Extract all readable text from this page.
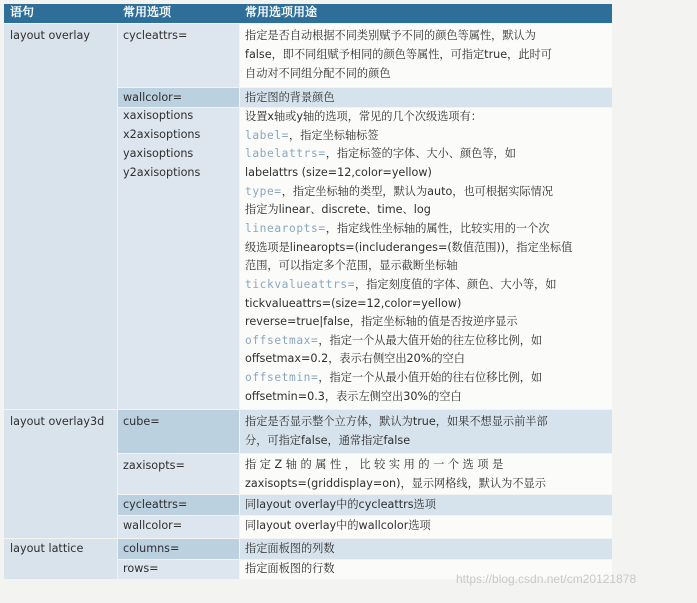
语句	常用选项	常用选项用途
layout overlay
layout overlay3d
layout lattice
cycleattrs=
wallcolor=
xaxisoptions
x2axisoptions
yaxisoptions
y2axisoptions
cube=
zaxisopts=
cycleattrs=
wallcolor=
columns=
rows=
指定是否自动根据不同类别赋予不同的颜色等属性，默认为
false，即不同组赋予相同的颜色等属性，可指定true，此时可
自动对不同组分配不同的颜色
指定图的背景颜色
设置x轴或y轴的选项，常见的几个次级选项有：
label=，指定坐标轴标签
labelattrs=，指定标签的字体、大小、颜色等，如
labelattrs (size=12,color=yellow)
type=，指定坐标轴的类型，默认为auto，也可根据实际情况
指定为linear、discrete、time、log
linearopts=，指定线性坐标轴的属性，比较实用的一个次
级选项是linearopts=(includeranges=(数值范围))，指定坐标值
范围，可以指定多个范围，显示截断坐标轴
tickvalueattrs=，指定刻度值的字体、颜色、大小等，如
tickvalueattrs=(size=12,color=yellow)
reverse=true|false，指定坐标轴的值是否按逆序显示
offsetmax=，指定一个从最大值开始的往左位移比例，如
offsetmax=0.2，表示右侧空出20%的空白
offsetmin=，指定一个从最小值开始的往右位移比例，如
offsetmin=0.3，表示左侧空出30%的空白
指定是否显示整个立方体，默认为true，如果不想显示前半部
分，可指定false，通常指定false
指 定 Z 轴 的 属 性 ， 比 较 实 用 的 一 个 选 项 是
zaxisopts=(griddisplay=on)，显示网格线，默认为不显示
同layout overlay中的cycleattrs选项
同layout overlay中的wallcolor选项
指定面板图的列数
指定面板图的行数
https://blog.csdn.net/cm20121878
